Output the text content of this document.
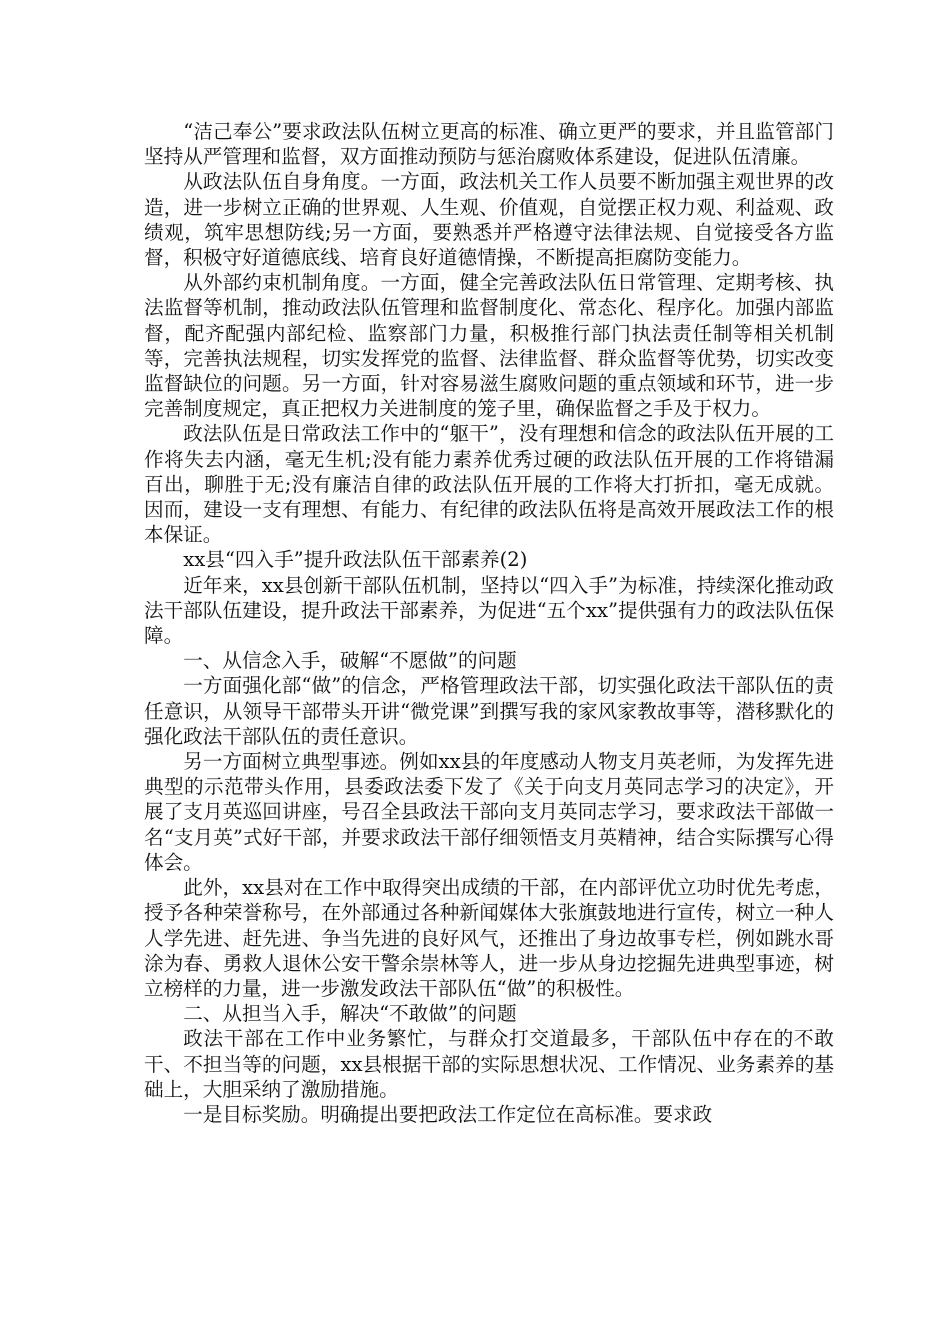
“洁己奉公”要求政法队伍树立更高的标准、确立更严的要求，并且监管部门坚持从严管理和监督，双方面推动预防与惩治腐败体系建设，促进队伍清廉。

从政法队伍自身角度。一方面，政法机关工作人员要不断加强主观世界的改造，进一步树立正确的世界观、人生观、价值观，自觉摆正权力观、利益观、政绩观，筑牢思想防线;另一方面，要熟悉并严格遵守法律法规、自觉接受各方监督，积极守好道德底线、培育良好道德情操，不断提高拒腐防变能力。

从外部约束机制角度。一方面，健全完善政法队伍日常管理、定期考核、执法监督等机制，推动政法队伍管理和监督制度化、常态化、程序化。加强内部监督，配齐配强内部纪检、监察部门力量，积极推行部门执法责任制等相关机制等，完善执法规程，切实发挥党的监督、法律监督、群众监督等优势，切实改变监督缺位的问题。另一方面，针对容易滋生腐败问题的重点领域和环节，进一步完善制度规定，真正把权力关进制度的笼子里，确保监督之手及于权力。

政法队伍是日常政法工作中的“躯干”，没有理想和信念的政法队伍开展的工作将失去内涵，毫无生机;没有能力素养优秀过硬的政法队伍开展的工作将错漏百出，聊胜于无;没有廉洁自律的政法队伍开展的工作将大打折扣，毫无成就。因而，建设一支有理想、有能力、有纪律的政法队伍将是高效开展政法工作的根本保证。

xx县“四入手”提升政法队伍干部素养(2)

近年来，xx县创新干部队伍机制，坚持以“四入手”为标准，持续深化推动政法干部队伍建设，提升政法干部素养，为促进“五个xx”提供强有力的政法队伍保障。

一、从信念入手，破解“不愿做”的问题

一方面强化部“做”的信念，严格管理政法干部，切实强化政法干部队伍的责任意识，从领导干部带头开讲“微党课”到撰写我的家风家教故事等，潜移默化的强化政法干部队伍的责任意识。

另一方面树立典型事迹。例如xx县的年度感动人物支月英老师，为发挥先进典型的示范带头作用，县委政法委下发了《关于向支月英同志学习的决定》，开展了支月英巡回讲座，号召全县政法干部向支月英同志学习，要求政法干部做一名“支月英”式好干部，并要求政法干部仔细领悟支月英精神，结合实际撰写心得体会。

此外，xx县对在工作中取得突出成绩的干部，在内部评优立功时优先考虑，授予各种荣誉称号，在外部通过各种新闻媒体大张旗鼓地进行宣传，树立一种人人学先进、赶先进、争当先进的良好风气，还推出了身边故事专栏，例如跳水哥涂为春、勇救人退休公安干警余崇林等人，进一步从身边挖掘先进典型事迹，树立榜样的力量，进一步激发政法干部队伍“做”的积极性。

二、从担当入手，解决“不敢做”的问题

政法干部在工作中业务繁忙，与群众打交道最多，干部队伍中存在的不敢干、不担当等的问题，xx县根据干部的实际思想状况、工作情况、业务素养的基础上，大胆采纳了激励措施。

一是目标奖励。明确提出要把政法工作定位在高标准。要求政
